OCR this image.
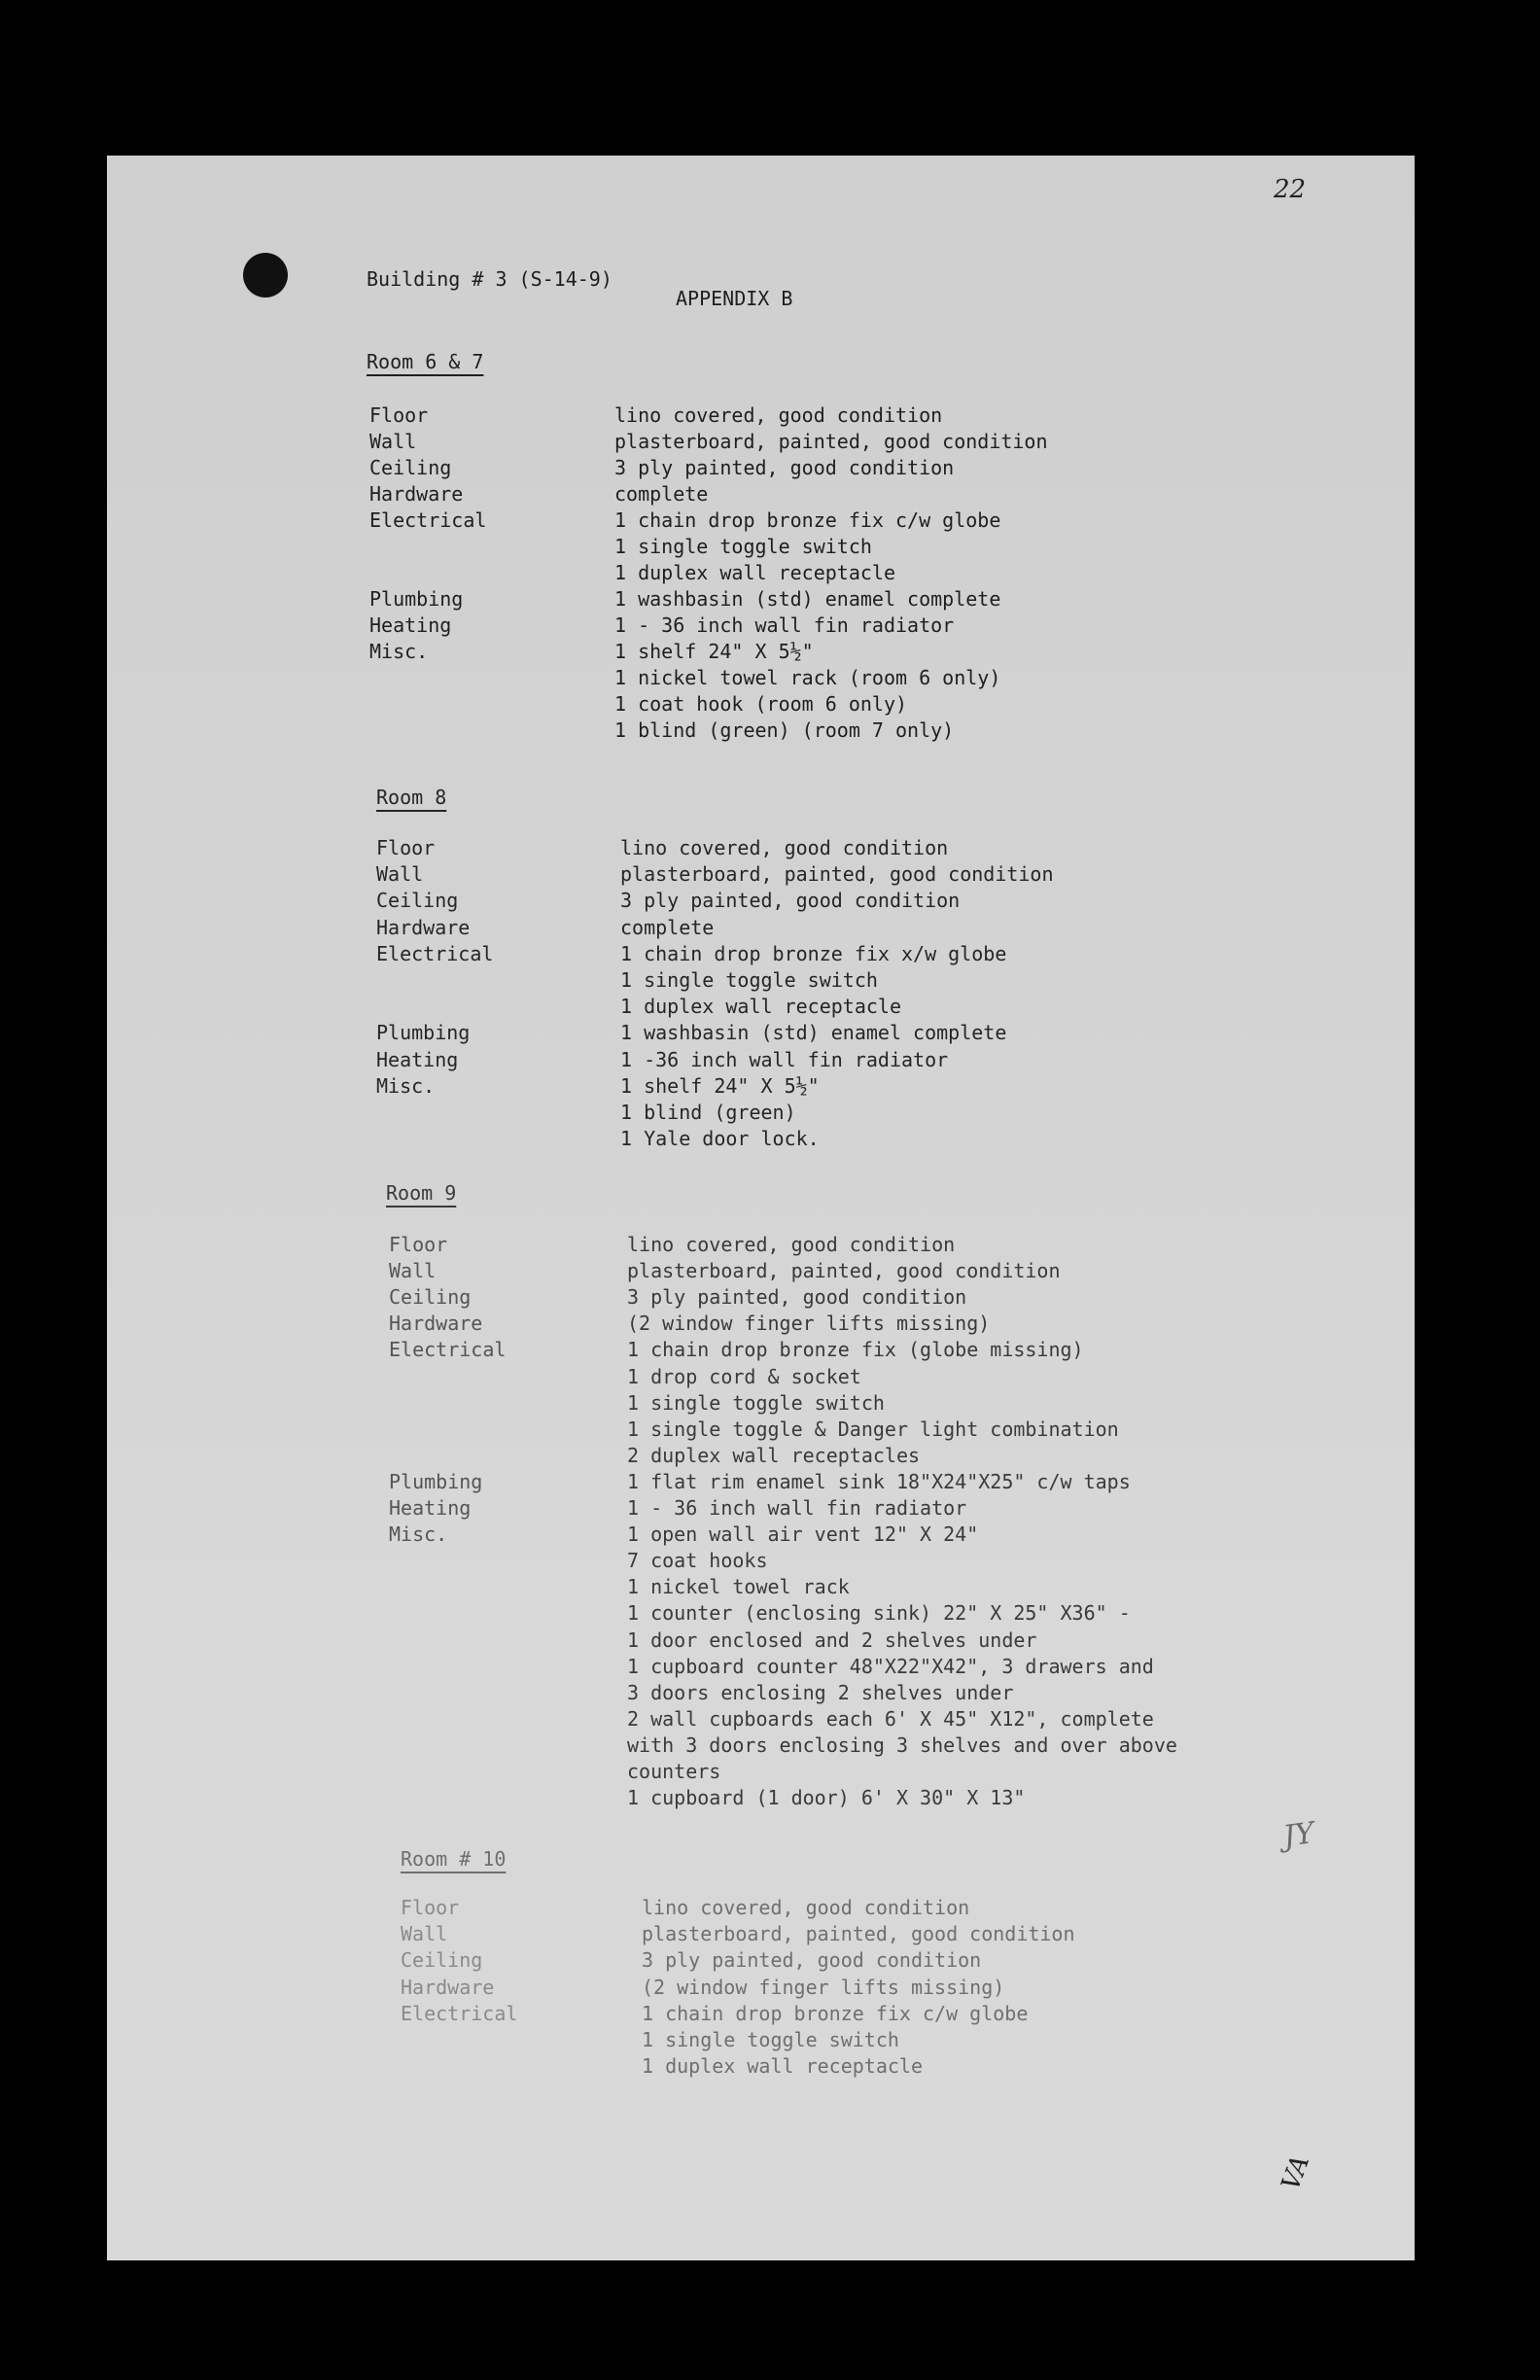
22
Building # 3 (S-14-9)
APPENDIX B
Room 6 & 7
Floor	lino covered, good condition
Wall	plasterboard, painted, good condition
Ceiling	3 ply painted, good condition
Hardware	complete
Electrical	1 chain drop bronze fix c/w globe
1 single toggle switch
1 duplex wall receptacle
Plumbing	1 washbasin (std) enamel complete
Heating	1 - 36 inch wall fin radiator
Misc.	1 shelf 24" X 5½"
1 nickel towel rack (room 6 only)
1 coat hook (room 6 only)
1 blind (green) (room 7 only)
Room 8
Floor	lino covered, good condition
Wall	plasterboard, painted, good condition
Ceiling	3 ply painted, good condition
Hardware	complete
Electrical	1 chain drop bronze fix x/w globe
1 single toggle switch
1 duplex wall receptacle
Plumbing	1 washbasin (std) enamel complete
Heating	1 -36 inch wall fin radiator
Misc.	1 shelf 24" X 5½"
1 blind (green)
1 Yale door lock.
Room 9
Floor	lino covered, good condition
Wall	plasterboard, painted, good condition
Ceiling	3 ply painted, good condition
Hardware	(2 window finger lifts missing)
Electrical	1 chain drop bronze fix (globe missing)
1 drop cord & socket
1 single toggle switch
1 single toggle & Danger light combination
2 duplex wall receptacles
Plumbing	1 flat rim enamel sink 18"X24"X25" c/w taps
Heating	1 - 36 inch wall fin radiator
Misc.	1 open wall air vent 12" X 24"
7 coat hooks
1 nickel towel rack
1 counter (enclosing sink) 22" X 25" X36" -
1 door enclosed and 2 shelves under
1 cupboard counter 48"X22"X42", 3 drawers and
3 doors enclosing 2 shelves under
2 wall cupboards each 6' X 45" X12", complete
with 3 doors enclosing 3 shelves and over above
counters
1 cupboard (1 door) 6' X 30" X 13"
Room # 10
Floor	lino covered, good condition
Wall	plasterboard, painted, good condition
Ceiling	3 ply painted, good condition
Hardware	(2 window finger lifts missing)
Electrical	1 chain drop bronze fix c/w globe
1 single toggle switch
1 duplex wall receptacle
JY
VA
